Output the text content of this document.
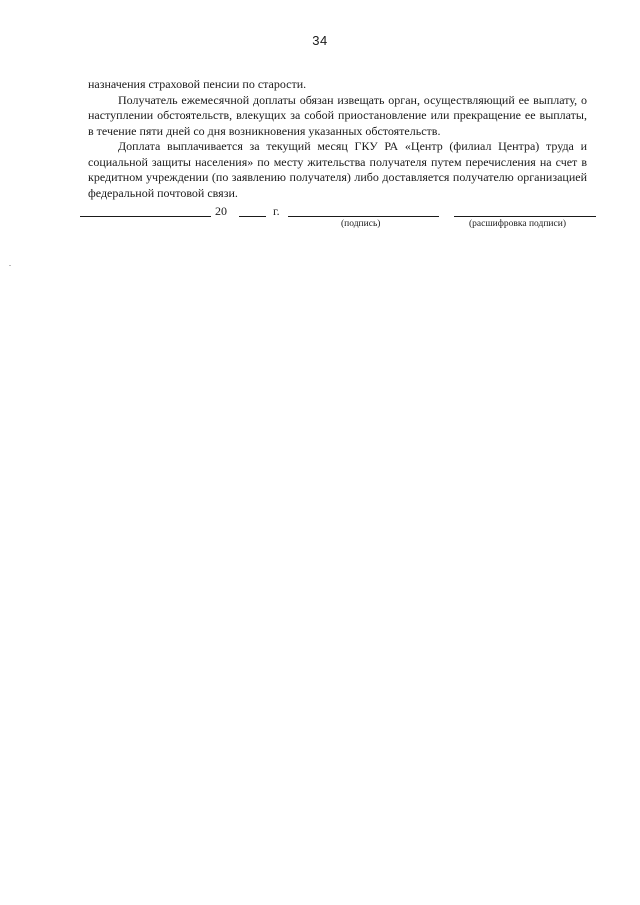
34

назначения страховой пенсии по старости.

Получатель ежемесячной доплаты обязан извещать орган, осуществляющий ее выплату, о наступлении обстоятельств, влекущих за собой приостановление или прекращение ее выплаты, в течение пяти дней со дня возникновения указанных обстоятельств.

Доплата выплачивается за текущий месяц ГКУ РА «Центр (филиал Центра) труда и социальной защиты населения» по месту жительства получателя путем перечисления на счет в кредитном учреждении (по заявлению получателя) либо доставляется получателю организацией федеральной почтовой связи.

20	г.
(подпись)	(расшифровка подписи)
